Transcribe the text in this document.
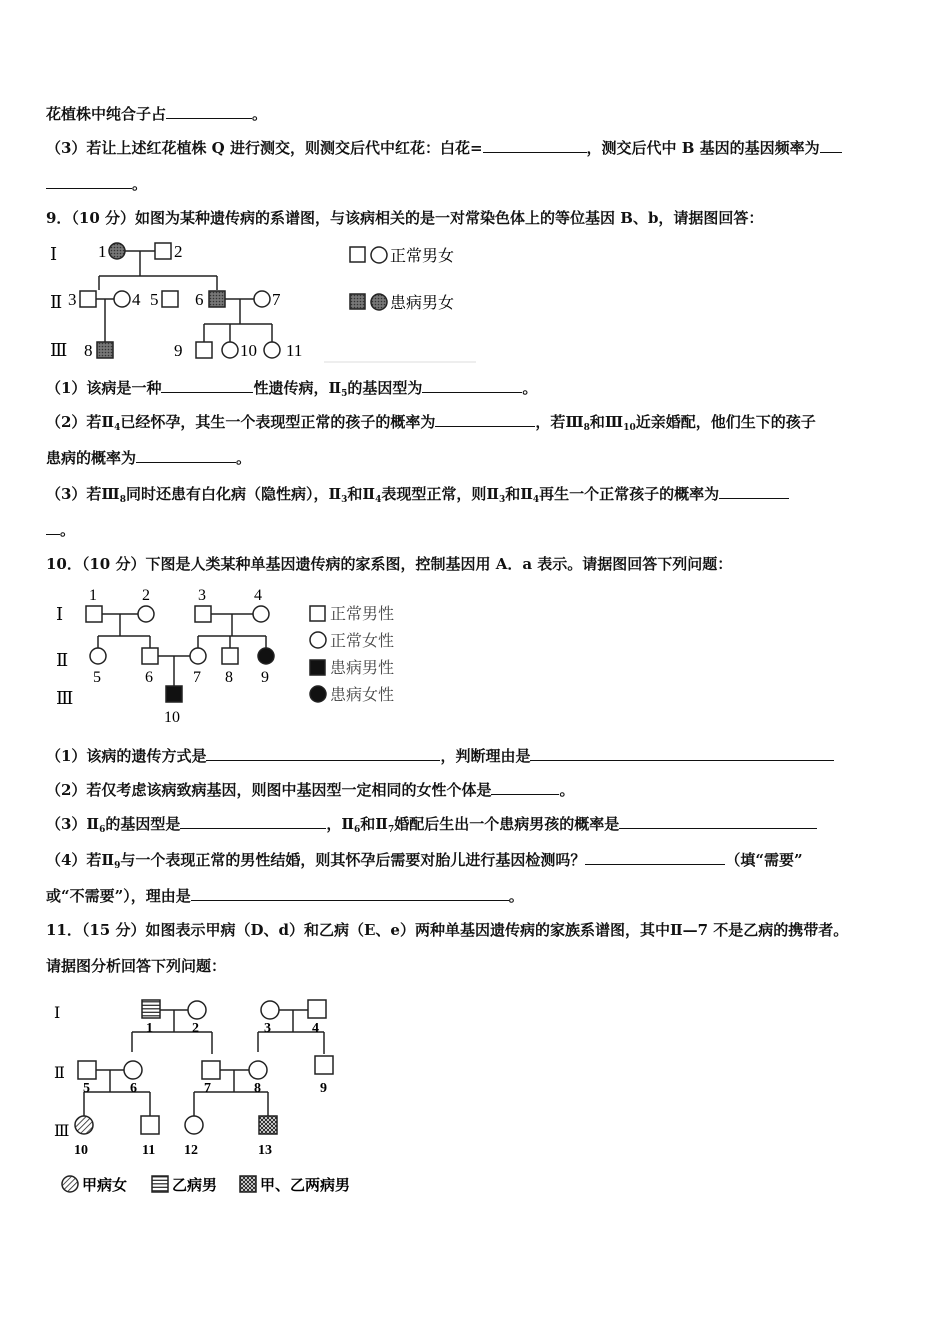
花植株中纯合子占	。
（3）若让上述红花植株 Q 进行测交，则测交后代中红花：白花=	，测交后代中 B 基因的基因频率为
。
9．（10 分）如图为某种遗传病的系谱图，与该病相关的是一对常染色体上的等位基因 B、b，请据图回答：
Ⅰ
Ⅱ
Ⅲ
1	2
3	4 5 6	7
8	9	10 11
正常男女
患病男女
（1）该病是一种	性遗传病，$Ⅱ_5$的基因型为	。
（2）若$Ⅱ_4$已经怀孕，其生一个表现型正常的孩子的概率为	，若$Ⅲ_8$和$Ⅲ_{10}$近亲婚配，他们生下的孩子
患病的概率为	。
（3）若$Ⅲ_8$同时还患有白化病（隐性病），$Ⅱ_3$和$Ⅱ_4$表现型正常，则$Ⅱ_3$和$Ⅱ_4$再生一个正常孩子的概率为
。
10．（10 分）下图是人类某种单基因遗传病的家系图，控制基因用 A．a 表示。请据图回答下列问题：
Ⅰ
Ⅱ
Ⅲ
1	2	3	4
5	6	7 8 9
10
正常男性
正常女性
患病男性
患病女性
（1）该病的遗传方式是	，判断理由是
（2）若仅考虑该病致病基因，则图中基因型一定相同的女性个体是	。
$(3)Ⅱ_6$的基因型是	，$Ⅱ_6$和$Ⅱ_7$婚配后生出一个患病男孩的概率是
（4）若$Ⅱ_9$与一个表现正常的男性结婚，则其怀孕后需要对胎儿进行基因检测吗？	（填“需要”
或“不需要”），理由是	。
11．（15 分）如图表示甲病（D、d）和乙病（E、e）两种单基因遗传病的家族系谱图，其中Ⅱ—7 不是乙病的携带者。
请据图分析回答下列问题：
Ⅰ
Ⅱ
Ⅲ
1	2	3	4
5	6	7	8	9
10	11 12	13
甲病女	乙病男	甲、乙两病男
